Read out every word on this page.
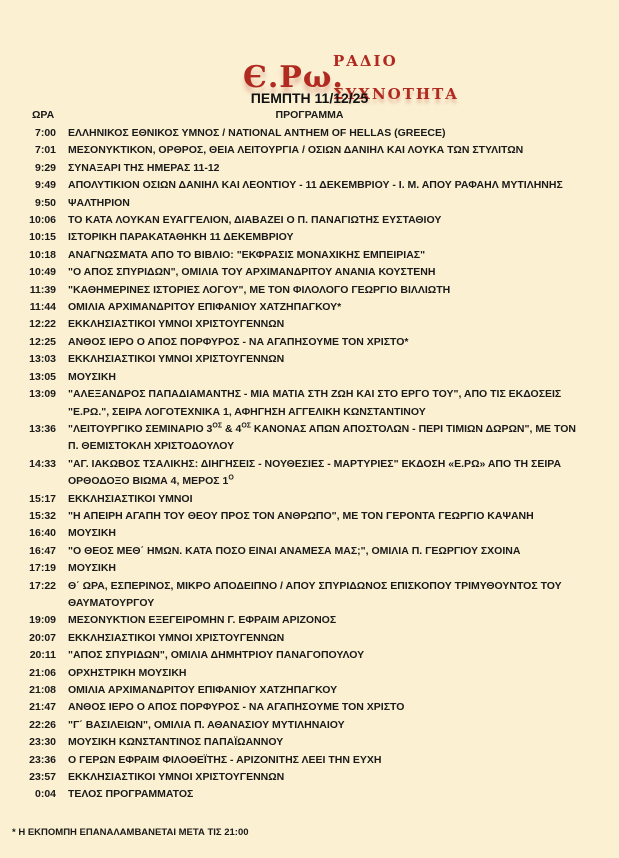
Є.Ρω.
ΡΑΔΙΟ
ΣΥΧΝΟΤΗΤΑ
ΠΕΜΠΤΗ 11/12/25
ΠΡΟΓΡΑΜΜΑ
ΩΡΑ
7:00 ΕΛΛΗΝΙΚΟΣ ΕΘΝΙΚΟΣ ΥΜΝΟΣ / NATIONAL ANTHEM OF HELLAS (GREECE)
7:01 ΜΕΣΟΝΥΚΤΙΚΟΝ, ΟΡΘΡΟΣ, ΘΕΙΑ ΛΕΙΤΟΥΡΓΙΑ / ΟΣΙΩΝ ΔΑΝΙΗΛ ΚΑΙ ΛΟΥΚΑ ΤΩΝ ΣΤΥΛΙΤΩΝ
9:29 ΣΥΝΑΞΑΡΙ ΤΗΣ ΗΜΕΡΑΣ 11-12
9:49 ΑΠΟΛΥΤΙΚΙΟΝ ΟΣΙΩΝ ΔΑΝΙΗΛ ΚΑΙ ΛΕΟΝΤΙΟΥ - 11 ΔΕΚΕΜΒΡΙΟΥ - Ι. Μ. ΑΠΟΥ ΡΑΦΑΗΛ ΜΥΤΙΛΗΝΗΣ
9:50 ΨΑΛΤΗΡΙΟΝ
10:06 ΤΟ ΚΑΤΑ ΛΟΥΚΑΝ ΕΥΑΓΓΕΛΙΟΝ, ΔΙΑΒΑΖΕΙ Ο Π. ΠΑΝΑΓΙΩΤΗΣ ΕΥΣΤΑΘΙΟΥ
10:15 ΙΣΤΟΡΙΚΗ ΠΑΡΑΚΑΤΑΘΗΚΗ 11 ΔΕΚΕΜΒΡΙΟΥ
10:18 ΑΝΑΓΝΩΣΜΑΤΑ ΑΠΟ ΤΟ ΒΙΒΛΙΟ: "ΕΚΦΡΑΣΙΣ ΜΟΝΑΧΙΚΗΣ ΕΜΠΕΙΡΙΑΣ"
10:49 "Ο ΑΠΟΣ ΣΠΥΡΙΔΩΝ", ΟΜΙΛΙΑ ΤΟΥ ΑΡΧΙΜΑΝΔΡΙΤΟΥ ΑΝΑΝΙΑ ΚΟΥΣΤΕΝΗ
11:39 "ΚΑΘΗΜΕΡΙΝΕΣ ΙΣΤΟΡΙΕΣ ΛΟΓΟΥ", ΜΕ ΤΟΝ ΦΙΛΟΛΟΓΟ ΓΕΩΡΓΙΟ ΒΙΛΛΙΩΤΗ
11:44 ΟΜΙΛΙΑ ΑΡΧΙΜΑΝΔΡΙΤΟΥ ΕΠΙΦΑΝΙΟΥ ΧΑΤΖΗΠΑΓΚΟΥ*
12:22 ΕΚΚΛΗΣΙΑΣΤΙΚΟΙ ΥΜΝΟΙ ΧΡΙΣΤΟΥΓΕΝΝΩΝ
12:25 ΑΝΘΟΣ ΙΕΡΟ Ο ΑΠΟΣ ΠΟΡΦΥΡΟΣ - ΝΑ ΑΓΑΠΗΣΟΥΜΕ ΤΟΝ ΧΡΙΣΤΟ*
13:03 ΕΚΚΛΗΣΙΑΣΤΙΚΟΙ ΥΜΝΟΙ ΧΡΙΣΤΟΥΓΕΝΝΩΝ
13:05 ΜΟΥΣΙΚΗ
13:09 "ΑΛΕΞΑΝΔΡΟΣ ΠΑΠΑΔΙΑΜΑΝΤΗΣ - ΜΙΑ ΜΑΤΙΑ ΣΤΗ ΖΩΗ ΚΑΙ ΣΤΟ ΕΡΓΟ ΤΟΥ", ΑΠΟ ΤΙΣ ΕΚΔΟΣΕΙΣ "Ε.ΡΩ.", ΣΕΙΡΑ ΛΟΓΟΤΕΧΝΙΚΑ 1, ΑΦΗΓΗΣΗ ΑΓΓΕΛΙΚΗ ΚΩΝΣΤΑΝΤΙΝΟΥ
13:36 "ΛΕΙΤΟΥΡΓΙΚΟ ΣΕΜΙΝΑΡΙΟ $3^{O\Sigma}$ & $4^{O\Sigma}$ ΚΑΝΟΝΑΣ ΑΠΩΝ ΑΠΟΣΤΟΛΩΝ - ΠΕΡΙ ΤΙΜΙΩΝ ΔΩΡΩΝ", ΜΕ ΤΟΝ Π. ΘΕΜΙΣΤΟΚΛΗ ΧΡΙΣΤΟΔΟΥΛΟΥ
14:33 "ΑΓ. ΙΑΚΩΒΟΣ ΤΣΑΛΙΚΗΣ: ΔΙΗΓΗΣΕΙΣ - ΝΟΥΘΕΣΙΕΣ - ΜΑΡΤΥΡΙΕΣ" ΕΚΔΟΣΗ «Ε.ΡΩ» ΑΠΟ ΤΗ ΣΕΙΡΑ ΟΡΘΟΔΟΞΟ ΒΙΩΜΑ 4, ΜΕΡΟΣ $1^O$
15:17 ΕΚΚΛΗΣΙΑΣΤΙΚΟΙ ΥΜΝΟΙ
15:32 "Η ΑΠΕΙΡΗ ΑΓΑΠΗ ΤΟΥ ΘΕΟΥ ΠΡΟΣ ΤΟΝ ΑΝΘΡΩΠΟ", ΜΕ ΤΟΝ ΓΕΡΟΝΤΑ ΓΕΩΡΓΙΟ ΚΑΨΑΝΗ
16:40 ΜΟΥΣΙΚΗ
16:47 "Ο ΘΕΟΣ ΜΕΘ΄ ΗΜΩΝ. ΚΑΤΑ ΠΟΣΟ ΕΙΝΑΙ ΑΝΑΜΕΣΑ ΜΑΣ;", ΟΜΙΛΙΑ Π. ΓΕΩΡΓΙΟΥ ΣΧΟΙΝΑ
17:19 ΜΟΥΣΙΚΗ
17:22 Θ΄ ΩΡΑ, ΕΣΠΕΡΙΝΟΣ, ΜΙΚΡΟ ΑΠΟΔΕΙΠΝΟ / ΑΠΟΥ ΣΠΥΡΙΔΩΝΟΣ ΕΠΙΣΚΟΠΟΥ ΤΡΙΜΥΘΟΥΝΤΟΣ ΤΟΥ ΘΑΥΜΑΤΟΥΡΓΟΥ
19:09 ΜΕΣΟΝΥΚΤΙΟΝ ΕΞΕΓΕΙΡΟΜΗΝ Γ. ΕΦΡΑΙΜ ΑΡΙΖΟΝΟΣ
20:07 ΕΚΚΛΗΣΙΑΣΤΙΚΟΙ ΥΜΝΟΙ ΧΡΙΣΤΟΥΓΕΝΝΩΝ
20:11 "ΑΠΟΣ ΣΠΥΡΙΔΩΝ", ΟΜΙΛΙΑ ΔΗΜΗΤΡΙΟΥ ΠΑΝΑΓΟΠΟΥΛΟΥ
21:06 ΟΡΧΗΣΤΡΙΚΗ ΜΟΥΣΙΚΗ
21:08 ΟΜΙΛΙΑ ΑΡΧΙΜΑΝΔΡΙΤΟΥ ΕΠΙΦΑΝΙΟΥ ΧΑΤΖΗΠΑΓΚΟΥ
21:47 ΑΝΘΟΣ ΙΕΡΟ Ο ΑΠΟΣ ΠΟΡΦΥΡΟΣ - ΝΑ ΑΓΑΠΗΣΟΥΜΕ ΤΟΝ ΧΡΙΣΤΟ
22:26 "Γ΄ ΒΑΣΙΛΕΙΩΝ", ΟΜΙΛΙΑ Π. ΑΘΑΝΑΣΙΟΥ ΜΥΤΙΛΗΝΑΙΟΥ
23:30 ΜΟΥΣΙΚΗ ΚΩΝΣΤΑΝΤΙΝΟΣ ΠΑΠΑΪΩΑΝΝΟΥ
23:36 Ο ΓΕΡΩΝ ΕΦΡΑΙΜ ΦΙΛΟΘΕΪΤΗΣ - ΑΡΙΖΟΝΙΤΗΣ ΛΕΕΙ ΤΗΝ ΕΥΧΗ
23:57 ΕΚΚΛΗΣΙΑΣΤΙΚΟΙ ΥΜΝΟΙ ΧΡΙΣΤΟΥΓΕΝΝΩΝ
0:04 ΤΕΛΟΣ ΠΡΟΓΡΑΜΜΑΤΟΣ
* Η ΕΚΠΟΜΠΗ ΕΠΑΝΑΛΑΜΒΑΝΕΤΑΙ ΜΕΤΑ ΤΙΣ 21:00
